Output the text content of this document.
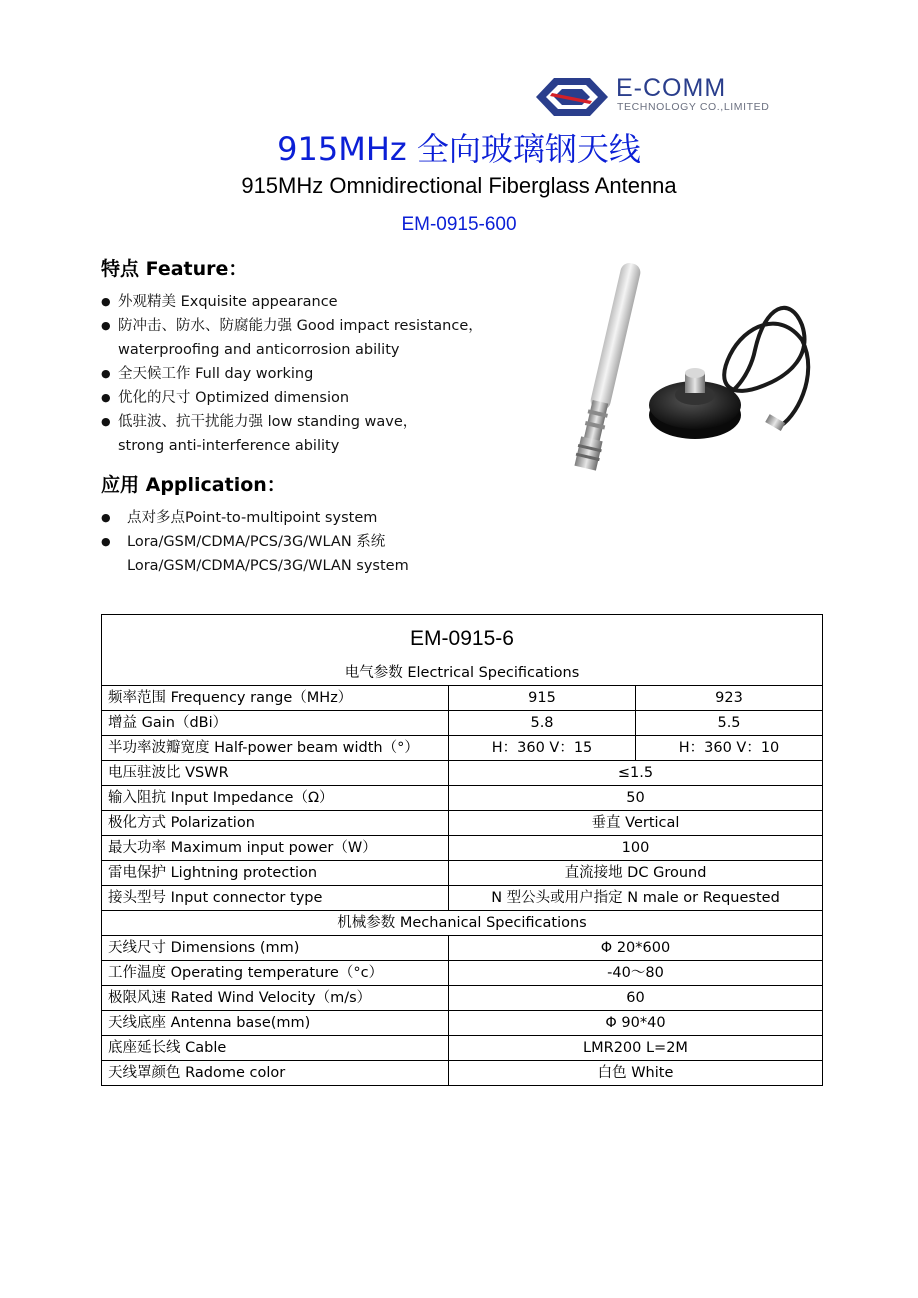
E-COMM
TECHNOLOGY CO.,LIMITED
915MHz 全向玻璃钢天线
915MHz Omnidirectional Fiberglass Antenna
EM-0915-600
特点 Feature：
● 外观精美 Exquisite appearance
● 防冲击、防水、防腐能力强 Good impact resistance，
waterproofing and anticorrosion ability
● 全天候工作 Full day working
● 优化的尺寸 Optimized dimension
● 低驻波、抗干扰能力强 low standing wave，
strong anti-interference ability
应用 Application：
● 点对多点Point-to-multipoint system
● Lora/GSM/CDMA/PCS/3G/WLAN 系统
Lora/GSM/CDMA/PCS/3G/WLAN system
EM-0915-6		
电气参数 Electrical Specifications		
频率范围 Frequency range（MHz）	915	923
增益 Gain（dBi）	5.8	5.5
半功率波瓣宽度 Half-power beam width（°）	H：360 V：15	H：360 V：10
电压驻波比 VSWR	≤1.5	
输入阻抗 Input Impedance（Ω）	50	
极化方式 Polarization	垂直 Vertical	
最大功率 Maximum input power（W）	100	
雷电保护 Lightning protection	直流接地 DC Ground	
接头型号 Input connector type	N 型公头或用户指定 N male or Requested	
机械参数 Mechanical Specifications		
天线尺寸 Dimensions (mm)	Φ 20*600	
工作温度 Operating temperature（°c）	-40～80	
极限风速 Rated Wind Velocity（m/s）	60	
天线底座 Antenna base(mm)	Φ 90*40	
底座延长线 Cable	LMR200 L=2M	
天线罩颜色 Radome color	白色 White	
